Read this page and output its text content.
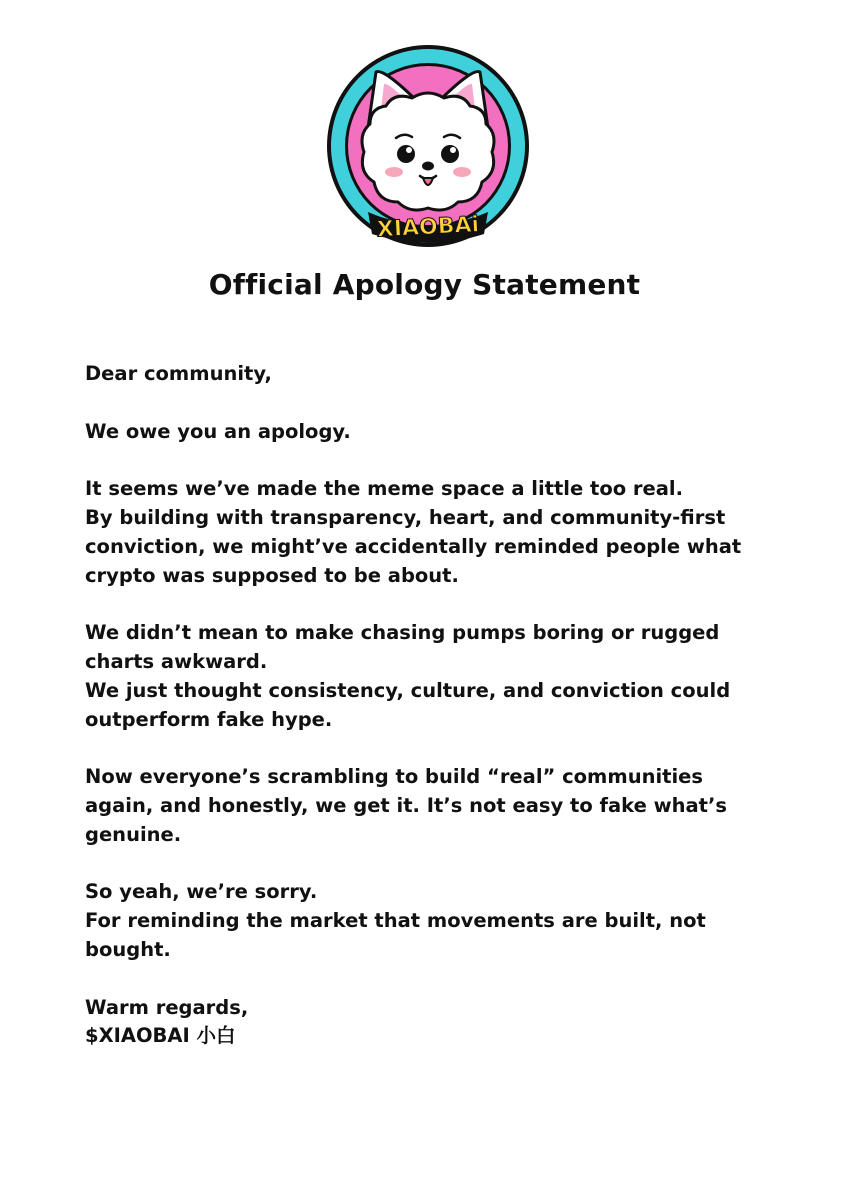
XIAOBAi
Official Apology Statement

Dear community,

We owe you an apology.

It seems we’ve made the meme space a little too real.
By building with transparency, heart, and community-first
conviction, we might’ve accidentally reminded people what
crypto was supposed to be about.

We didn’t mean to make chasing pumps boring or rugged
charts awkward.
We just thought consistency, culture, and conviction could
outperform fake hype.

Now everyone’s scrambling to build “real” communities
again, and honestly, we get it. It’s not easy to fake what’s
genuine.

So yeah, we’re sorry.
For reminding the market that movements are built, not
bought.

Warm regards,
$XIAOBAI 小白
